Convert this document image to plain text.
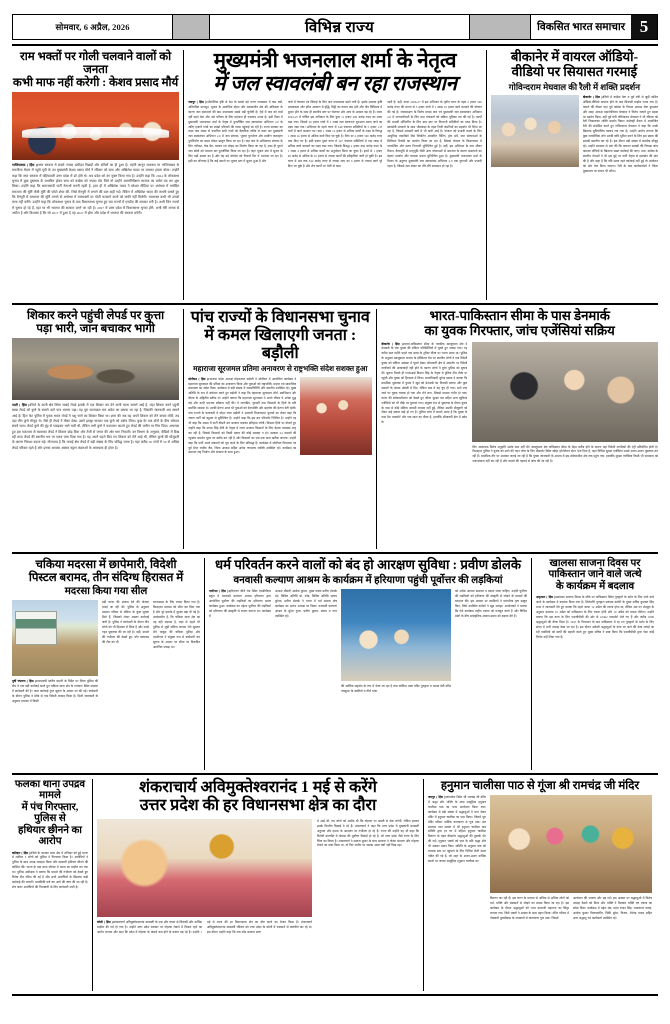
सोमवार, 6 अप्रैल, 2026	विभिन्न राज्य	विकसित भारत समाचार 5
राम भक्तों पर गोली चलवाने वालों को जनता
कभी माफ नहीं करेगी : केशव प्रसाद मौर्य
गाजियाबाद ( हिंस )।सपा सरकार में सबसे ज्यादा उत्पीड़न पिछड़ों और दलितों का ही हुआ है। महंगी कानून व्यवस्था पर गाजियाबाद के रामलीला मैदान में पहुंचे यूपी के उप मुख्यमंत्री केशव प्रसाद मौर्य ने रविवार को सपा और अखिलेश यादव पर जमकर हमला बोला। उन्होंने कहा कि सपा सरकार में पहियावली उत्तर प्रदेश में डरे होते थे। अब प्रदेश को दंग मुक्त किया गया है। उन्होंने कहा कि 2024 के लोकसभा चुनाव में कुछ दुष्प्रचार के प्रभावित होकर सपा को कांग्रेस को ज्यादा वोट मिले तो उन्होंने आत्मनिरीक्षण भाजपा का प्रयोग बंद कर शुरू किया। उन्होंने कहा कि समाजवादी पार्टी नेताओं करनी रहती है, हाल ही में अखिलेश यादव ने सोशल मीडिया पर अयोध्या में मर्यादित रामलला की मूर्ति जैसी मूर्ति की फोटो शेयर की, जिसे मैनपुरी में लगाने की बात कही गई। लेकिन में अखिलेश यादव की कथनी बताते हुए कि मैनपुरी में रामलला की मूर्ति लगाने से अयोध्या में रामभक्तों पर गोली चलवाने वालों को माफी नहीं मिलेगी। रामभक्त कभी भी उनको माफ नहीं करेंगे। उन्होंने कहा कि लोकसभा चुनाव के बाद विधानसभा चुनाव हुए चार राज्यों में एनडीए की सरकार बनी है। अभी जिन राज्यों में चुनाव हो रहे हैं, वहां पर भी भाजपा की सरकार बनने जा रही है। 2027 में उत्तर प्रदेश में विधानसभा चुनाव होंगे, अभी मेरी जनता से अपील है और विश्वास है कि जो 2017 में हुआ है वह 2027 में होगा और प्रदेश में भाजपा की सरकार बनेगी।
मुख्यमंत्री भजनलाल शर्मा के नेतृत्व
में जल स्वावलंबी बन रहा राजस्थान
जयपुर ( हिंस )।भौगोलिक दृष्टि से देश के सबसे बड़े राज्य राजस्थान में कम वर्षा, अनियमित मानसून, भूजल के अत्यधिक दोहन और मरुस्थलीय क्षेत्र की अधिकता के कारण जल संसाधनों की कम उपलब्धता सबसे बड़ी चुनौती है। ऐसे में जल को व्यर्थ नहीं बहने देना और उसे भविष्य के लिए महेजना ही एकमात्र उपाय है। इसी दिशा में मुख्यमंत्री भजनलाल शर्मा के नेतृत्व में पुनर्जीवित जल स्वावलंबन अभियान 2.0 के जरिए हजारों गांवों का लाखों परिवारों की प्यास पहुंचाई जा रही है। राज्य सरकार का लक्ष्य जल संकट से प्रभावित सभी गांवों को वैज्ञानिक तरीके से कवर कर मुख्यमंत्री जल स्वावलंबन अभियान 2.0 में जल संचयन, भूजल पुनर्भरण और ग्रामीण जलग्रहण पुनर्निर्माण का समग्र मॉडल प्रस्तुत किया जा रहा है। यहां जल के अधिकतम संचयन के लिए एनीकट, चेक डैम, तालाब एवं जोहड़ का निर्माण किया जा रहा है, साथ ही पुराने जल स्रोतों को मरम्मत कर पुनर्जीवित किया जा रहा है। जहां भूजल स्तर में सुधार के लिए बड़ी क्षमता का है और यह बड़े बोरवेल को रिचार्ज पिट में भरवाया जा रहा है। इसी का परिणाम है कि कई स्थानों पर भूजल स्तर में सुधार हुआ है और
गांवों में पेयजल एवं सिंचाई के लिए जल उपलब्धता बढ़ने लगी है। इसके अलावा कृषि उत्पादकता और हरित आवरण में वृद्धि, मिट्टी का कटाव कम होने और जैव विविधता में सुधार होने के साथ ही स्थानीय स्तर पर रोजगार और आय के अवसर बढ़ रहे हैं। बजट 2024-25 में घोषित इस अभियान के लिए कुल 11 हजार 200 करोड़ रुपए का बजट रखा गया। जिसमें 20 हजार गांवों में 5 लाख जल संरचनाएं शुरुआत बनाए जाने का लक्ष्य रखा गया। अभियान के पहले चरण में 349 पंचायत समितियों के 5 हजार 135 गांवों में कार्य करवाए गए। वहां 1 लाख 12 हजार से अधिक कार्यों के लक्ष्य के विरुद्ध 1 लाख 16 हजार से अधिक कार्य किए जा चुके हैं। जिन पर 2 हजार 500 करोड़ रुपए व्यय किए गए हैं। इसी प्रकार दूसरे चरण में 327 पंचायत समितियों में एक लाख से अधिक कार्य करवाने का लक्ष्य रखा गया। जिसके विरुद्ध 2 हजार 880 करोड़ रुपए के 1 लाख 4 हजार से अधिक कार्यों का अनुमोदन किया जा चुका है। इनमें से 1 हजार 48 करोड़ से अधिक के 45 हजार से ज्यादा कार्यों की स्वीकृतियां जारी हो चुकी हैं। इस चरण में अब तक 342 करोड़ रुपए से ज्यादा व्यय का 6 हजार से ज्यादा कार्य पूरे किए जा चुके हैं और शेष कार्यों पर तेजी से काम
जारी है। वहीं, बजट 2026-27 में इस अभियान के तृतीय चरण के तहत 2 हजार 500 करोड़ रुपए की लागत से 5 हजार गांवों में 1 लाख 10 हजार कार्य करवाने की घोषणा की गई है। जलसंरक्षण के विशेष प्रयास जल एवं मुख्यमंत्री जल स्वावलंबन अभियान 2.0 में जनभागीदारी के लिए ग्राम पंचायतों को सक्रिय भूमिका तय की गई है। कार्यों की प्रभावी मॉनिटरिंग के लिए ग्राम स्तर पर निगरानी समितियों का गठन किया है। स्वयंसेवी संगठनों के साथ भीलवाड़ा के तहत निजी कंपनियों का सहयोग भी लिया जा रहा है, जिससे सरकारी खर्च में भी कमी आई है। योजना को प्रभावी बनाने के लिए आधुनिक तकनीकों जैसे जियोटैग आधारित पिंटिंग, ड्रोन सर्वे, जल संरचनाओं के डिजिटल रिकॉर्ड का उपयोग किया जा रहा है, जिससे योजना के क्रियान्वयन में पारदर्शिता और सतत निगरानी सुनिश्चित हुई है। वहीं, इस अभियान के जल जीवन मिशन, कैचभूमि से मातृभूमि जैसी अन्य योजनाओं से समन्वय के कारण संसाधनों का बेहतर उपयोग और व्यापक प्रभाव सुनिश्चित हुआ है। मुख्यमंत्री भजनलाल शर्मा के विजन के अनुरूप मुख्यमंत्री जल स्वावलंबन अभियान 2.0 एक दूरगामी और प्रभावी पहल है, जिससे जल संकट का धीरे-धीरे समाधान हो रहा है।
बीकानेर में वायरल ऑडियो-
वीडियो पर सियासत गरमाई
गोविन्दराम मेघवाल की रैली में शक्ति प्रदर्शन
बीकानेर ( हिंस )।जिले में कांग्रेस नेता व पूर्व मंत्री से जुड़ी कथित ऑडियो-वीडियो वायरल होने के बाद सियासी माहौल गरमा गया है। मामले की तीखर यहां पूर्व कांग्रेस के विधान अध्यक्ष मेघा कुमावत और साहा अध्यक्ष महानोलिजत मेघवाल ने विरोध जताते हुए सड़क पर प्रदर्शन किया, वहीं पूर्व मंत्री गोविन्दराम मेघवाल ने भी रविवार को रैली निकालकर शक्ति प्रदर्शन किया। कलेक्ट्री मैदान में आयोजित रैली की संबोधित करते हुए गोविन्दराम मेघवाल ने कहा कि उनके खिलाफ सुनियोजित षड्यंत्र रचा गया है। उन्होंने आरोप लगाया कि कुछ राजनीतिक लोग उनकी छवि धूमिल करने के लिए इस प्रकार की सामग्री प्रसारित कर रहे हैं। इस दौरान बड़ी संख्या में समर्थक मौजूद रहे। उन्होंने प्रशासन से मांग की कि वायरल सामग्री की निष्पक्ष जांच कराकर दोषियों के खिलाफ सख्त कार्रवाई की जाए। उधर, कांग्रेस के स्थानीय नेताओं ने भी इस मुद्दे पर पार्टी नेतृत्व से हस्तक्षेप की मांग की है और कहा है कि यदि समय रहते कार्रवाई नहीं हुई तो आंदोलन को और तेज किया जाएगा। रैली के बाद कार्यकर्ताओं ने जिला मुख्यालय पर ज्ञापन भी सौंपा।
शिकार करने पहुंची लेपर्ड पर कुत्ता
पड़ा भारी, जान बचाकर भागी
पाली ( हिंस )।जिले के बाली क्षेत्र स्थित जवाई लेपर्ड इलाके में एक शिकार कर देने वाली घटना सामने आई है, जहां शिकार करने पहुंची खास लेपर्ड को कुत्ते के सामने उल्टे पांव भागना पड़ा। यह पूरा घटनाक्रम चार अप्रैल का बताया जा रहा है, जिसकी जानकारी अब सामने आई है। हिल फेट पुलिस में युवक भारत लेपर्ड ने पशु चरने का शिकार किया था। शाम की जब वह अपने शिकार को लेने वापस लौटी, तब वहां तीन कुत्ते मौजूद थे। जैसे ही लेपर्ड ने मौका देखा, उसने झपट्टा मारकर एक कुत्ते को दबोच लिया। कुछ देर तक दोनों के बीच जोरदार संघर्ष चला। लेपर्ड कुत्ते की मुंह से पकड़कर भागे चली थी, लेकिन तभी कुत्ते ने फलटकर काटते हुए लेपर्ड की जमीन पर गिरा दिया। अचानक हुए इस पलटवार से घबराकर लेपर्ड ने शिकार छोड़ दिया और तेजी से जंगल की ओर भाग निकली। वन विभाग के अनुसार, वीडियो में दिख रही मादा लेपर्ड की स्थानीय भय पर एकत्र जमा दिख गया है। यह अपने पहले किए गए शिकार को लेने आई थी, लेकिन कुत्तों की मौजूदगी के कारण निराशा बदला गई। गौरतलब है कि जवाई क्षेत्र लेपर्ड में बड़ी संख्या के लिए प्रसिद्ध जाता है। यहां करीब 50 गांवों में 50 से अधिक लेपर्ड परिवार रहते हैं और इनका आवास अक्सर चट्टान कंदराओं के आसपास ही होता है।
पांच राज्यों के विधानसभा चुनाव
में कमल खिलाएगी जनता : बड़ौली
महाराजा सूरजमल प्रतिमा अनावरण से राष्ट्रभक्ति संदेश सशक्त हुआ
सोनीपत ( हिंस )।भाजपा प्रदेश अध्यक्ष मोहनलाल बड़ौली ने सोनीपत में आयोजित कार्यक्रम में महाराजा सूरजमल की प्रतिमा का अनावरण किया और युवाओं को राष्ट्रभक्ति, माहज एवं सामाजिक समरसता का संदेश दिया। कार्यक्रम में बड़ी संख्या में जनप्रतिनिधि और स्थानीय उपस्थित रहे। मुख्य अतिथि के रूप में संबोधन करते हुए बड़ौली ने कहा कि महाराजा सूरजमल शौर्य, स्वाभिमान और वीरता के अद्वितीय प्रतीक थे। उन्होंने बताया कि महाराजा सूरजमल ने अपने जीवन में अनेक युद्ध लड़े और कभी पराजय स्वीकार नहीं की। वे न्यायप्रिय, दूरदर्शी तथा किसानों के हितों के प्रति समर्पित शासक थे। उनकी प्रेरणा आज भी युवाओं को देशभक्ति और सहयोग की प्रेरणा देती रहेगी। पांच राज्यों के चलाचली में मोहन लाल बड़ौली ने आगामी विधानसभा चुनावों का लेकर कहा कि जनता पार्टी को बहुमत से सुनिश्चित है। उन्होंने कहा कि इस बार परिवर्तन निश्चित है। उन्होंने यह भी कहा कि असम में पार्टी तीसरी बार सरकार बनाकर इतिहास रचेगी। किसान हितों पर बोलते हुए उन्होंने कहा कि नायब सिंह सैनी के नेतृत्व में राज्य सरकार किसानों के लिए बेहतर व्यवस्था लागू कर रही है, जिससे किसानों को किसी प्रकार की कोई समस्या न हो। सरकार 24 फसलों की न्यूनतम समर्थन मूल्य पर खरीद कर रही है और किसानों का एक-एक दाना खरीदा जाएगा। उन्होंने कहा कि पार्टी अपने संकल्पों को पूरा करने के लिए प्रतिबद्ध है। कार्यक्रम में सोनीपत विधायक एवं पूर्व मेयर राजीव जैन, जिला अध्यक्ष सहित अनेक गणमान्य व्यक्ति उपस्थित रहे। कार्यक्रम का समापन राष्ट्र निर्माण और संकल्प के साथ हुआ।
भारत-पाकिस्तान सीमा के पास डेनमार्क
का युवक गिरफ्तार, जांच एजेंसियां सक्रिय
बीकानेर ( हिंस )।भारत-पाकिस्तान सीमा के नजदीक खाजूवाला क्षेत्र में डेनमार्क के एक युवक की संदिग्ध परिस्थितियों में घूमते हुए पकड़ा गया। यह करीब सात महीने पहले एक खास के टूरिस्ट वीजा पर भारत आया था। पुलिस के अनुसार खाजूवाला बाजार के हॉस्पिटल रोड पर स्थानीय लोगों ने एक विदेशी युवक को संदिग्ध अवस्था में घूमते देखा। सीमावर्ती क्षेत्र में आमतौर पर विदेशी नागरिकों की आवाजाही नहीं होने के कारण लोगों ने तुरंत पुलिस को सूचना दी। सूचना मिलते ही एएसआई किशन सिंह के नेतृत्व में पुलिस टीम मौके पर पहुंची और युवक को हिरासत में लिया। थानाधिकारी सुरेन्द्र प्रसाद ने बताया कि प्राथमिक पूछताछ में युवक ने खुद को डेनमार्क का निवासी बताया और कुछ सवालों के जवाब अंग्रेजी में दिए, लेकिन बाद में वह चुप ही गया। थाने लाए जाने पर युवक चारुक हो गया और रोने लगा, जिससे मामला गंभीर हो गया। घटना की संवेदनशीलता को देखते हुए जीला सुरक्षा बल सहित अन्य खुफिया एजेंसियों को भी मौके पर बुलाया गया। संयुक्त रूप से पूछताछ के दौरान युवक के पास से कोई संदिग्ध सामग्री बरामद नहीं हुई, लेकिन उसकी मौजूदगी को लेकर कई सवाल खड़े हो गए हैं। पुलिस जांच में सामने आया है कि युवक के पास वैध पासपोर्ट और एक साल का वीजा है, हालांकि सीमावर्ती क्षेत्र में प्रवेश के
लिए आवश्यक विशेष अनुमति उसके पास नहीं थी। खाजूवाला क्षेत्र पाकिस्तान सीमा के बेहद करीब होने के कारण यहां विदेशी नागरिकों की एंट्री प्रतिबंधित होती है। फिलहाल पुलिस ने युवक को आगे की गहन जांच के लिए बीकानेर स्थित जॉइंट इंटेरोगेशन सेंटर भेज दिया है, जहां विभिन्न सुरक्षा एजेंसियां उससे अलग-अलग पूछताछ कर रही हैं। प्राथमिक तौर पर आशंका जताई जा रही है कि युवक जानकारी के अभाव में इस संवेदनशील क्षेत्र तक पहुंच गया, हालांकि सुरक्षा एजेंसियां किसी भी संभावना को नजरअंदाज नहीं कर रही हैं और मामले की गहराई से जांच की जा रही है।
चकिया मदरसा में छापेमारी, विदेशी
पिस्टल बरामद, तीन संदिग्ध हिरासत में
मदरसा किया गया सील
पूर्वी चंपारण ( हिंस )।एसएसपी स्तरीय प्रभारी के निर्देश पर जिला पुलिस की टीम ने एक बड़ी कार्रवाई करते हुए चकिया थाना क्षेत्र के गायघाट स्थित मदरसा में छापेमारी की है। जब्त कार्रवाई गुप्त सूचना के आधार पर की गई। छापेमारी के दौरान पुलिस ने मौके से एक विदेशी बरामद किया है। मिली जानकारी के अनुसार मदरसा में किसी
बड़ी घटना की अंजाम देने की योजना बनाई जा रही थी। पुलिस के अनुसार मदरसा परिसर से संदिग्ध के कुछ सूचना मिले हैं, जिसको लेकर अग्रतर कार्रवाई जारी है। पुलिस ने छापेमारी के दौरान तीन लोगों को भी हिरासत में लिया है और उनसे गहन पूछताछ की जा रही है। वहीं, मामले की गंभीरता की देखते हुए, डॉग स्क्वायड की टीम को भी
घटनास्थल के लिए रवाना किया गया है। फिलहाल मदरसा को सील कर दिया गया है और पूरे इलाके में सुरक्षा बढ़ा दी गई है। उल्लेखनीय है, कि चकिया थाना क्षेत्र का यह वही मदरसा है, जहां से पहले भी पुलिस से जुड़ी संदिग्ध सामान लेने सुन्नतन लेने याकूब की चकिया पुलिस और एसटीएफ ने संयुक्त रूप से छापेमारी कर सूचना के आधार पर सीमा पर विवादित आरोपित पकड़ा था।
धर्म परिवर्तन करने वालों को बंद हो आरक्षण सुविधा : प्रवीण डोलके
वनवासी कल्याण आश्रम के कार्यक्रम में हरियाणा पहुंची पूर्वोत्तर की लड़कियां
पानीपत ( हिंस )।हरियाणा जीरो रोड स्थित एसडीवीएम स्कूल में वनवासी कल्याण आश्रम हरियाणा द्वारा आयोजित पूर्वोत्तर की लड़कियों का हरियाणा भ्रमण कार्यक्रम हुआ। कार्यक्रम का उद्देश्य पूर्वोत्तर की लड़कियों को हरियाणा की संस्कृति से रूबरू कराना था। कार्यक्रम में
अध्यक्ष श्रीमती अशोक कुमार, मुख्य वक्ता प्रवीण डोलके रहे। विशिष्ट अतिथि प्रो. नरेंद्र, विशिष्ट अतिथि सत्यम कुरेला, प्रवीण डोलके ने भारत में धर्म समाज दोष कार्यक्रम का आरंभ अध्यक्ष पर किया। वनवासी कल्याण आश्रम के सुरेश गुप्ता, प्रवीण कुमार, संजय व नगर उपस्थित रहे।
की आर्थिक सहयोग के रूप में भेजा जा रहा है तथा सोनिया माता मंदिर गुरुद्वारा व मनसा देवी मंदिर पंचकूला के खातियों व तीर्थ यात्रा
को अनेक आयाम डालकर व बदला जाना चाहिए। उन्होंने पूर्वोत्तर की लड़कियों को हरियाणा की संस्कृति से जोड़ने के प्रयासों की सराहना की। इस अवसर पर लड़कियों ने पारंपरिक नृत्य प्रस्तुत किए, जिसे उपस्थित दर्शकों ने खूब सराहा। आयोजकों ने बताया कि ऐसे कार्यक्रम राष्ट्रीय एकता को मजबूत करते हैं और विभिन्न प्रांतों के बीच सांस्कृतिक आदान-प्रदान को बढ़ावा देते हैं।
खालसा साजना दिवस पर
पाकिस्तान जाने वाले जत्थे
के कार्यक्रम में बदलाव
अमृतसर ( हिंस )।खालसा साजना दिवस के मौके पर पाकिस्तान स्थित गुरुद्वारों के दर्शन के लिए जाने वाले जत्थे के कार्यक्रम में बदलाव किया गया है। शिरोमणि गुरुद्वारा प्रबंधक कमेटी के मुख्य सचिव कुलवंत सिंह मनन ने जानकारी देते हुए बताया कि पहले जत्था 12 अप्रैल की रवाना होना था, लेकिन अब नए शेड्यूल के अनुसार बदलाव 10 अप्रैल को पाकिस्तान के लिए रवाना होगी और 19 अप्रैल को वापस लौटेगा। उन्होंने बताया कि इस यात्रा के लिए एसजीपीसी की ओर से 10462 पासपोर्ट भेजे गए हैं और करीब 1800 श्रद्धालुओं की वीजा मिला है। 1947 के विभाजन के बाद पाकिस्तान में रह गए गुरुद्वारों के दर्शन के लिए संगत में भारी उत्साह देखा जा रहा है। इस दौरान अकेली श्रद्धालुओं के यात्रा पर जाने की मेजा लगाई जा रही पाबंदियों को खर्चों की बहाली करते हुए मुख्य सचिव ने स्पष्ट किया कि एसजीपीसी द्वारा ऐसा कोई निर्णय नहीं लिया गया है।
फलका थाना उपद्रव मामले
में पंच गिरफ्तार, पुलिस से
हथियार छीनने का आरोप
कटिहार ( हिंस )।जिले के फलका थाना क्षेत्र में शनिवार को हुई घटना में शामिल 5 लोगों को पुलिस ने गिरफ्तार किया है। आरोपियों ने पुलिस के साथ अभद्र व्यवहार किया और सरकारी हथियार छीनने की कोशिश की। घटना के बाद थाना परिसर में तनाव का माहौल बन गया था। पुलिस अधीक्षक ने बताया कि मामले की गंभीरता को देखते हुए विशेष टीम गठित की गई है और सभी आरोपियों के खिलाफ कड़ी कार्रवाई की जाएगी। प्राथमिकी दर्ज कर आगे की जांच की जा रही है। शेष फरार आरोपियों की गिरफ्तारी के लिए छापेमारी जारी है।
शंकराचार्य अविमुक्तेश्वरानंद 1 मई से करेंगे
उत्तर प्रदेश की हर विधानसभा क्षेत्र का दौरा
बरेली ( हिंस )।शंकराचार्य अविमुक्तेश्वरानंद सरस्वती के एक और बयान से सियासी और धार्मिक माहौल की गर्म हो गया है। उन्होंने उत्तर प्रदेश सरकार पर गोहत्या रोकने में विफल रहने का आरोप लगाया और कहा कि प्रदेश में गोहत्या के मामले कम होने के बजाय बढ़ रहे हैं। उन्होंने 1 मई से राज्य की हर विधानसभा क्षेत्र का दौरा करने का ऐलान किया है। शंकराचार्य अविमुक्तेश्वरानंद सरस्वती रविवार को उत्तर प्रदेश के बरेली में पत्रकारों से बातचीत कर रहे थे। इस दौरान उन्होंने कहा कि जब नरेंद्र सरकार सत्ता
में आई थी, तब लोगों को उम्मीद थी कि गोहत्या पर सख्ती से रोक लगेगी, लेकिन हालात इसके विपरीत दिखाई दे रहे हैं। शंकराचार्य ने कहा कि उत्तर प्रदेश में मुख्यमंत्री सरस्वती अनुपात और हमारा के आरक्षण पर गंभीरता हो रहे हैं। राज्य की उन्होंने यह भी कहा कि विरोधी बातचीत में गोमांस की पूर्वोत्तर पिछड़ों हो रहे हैं, जो उत्तर प्रदेश जैसे राज्य के लिए चिंता का विषय है। शंकराचार्य ने समाज सुधार के साथ सरकार ने गोवंश संरक्षण और गोहत्या रोकने का वादा किया था, तो फिर जमीन पर उसका असर क्यों नहीं दिख रहा।
हनुमान चालीसा पाठ से गूंजा श्री रामचंद्र जी मंदिर
जयपुर ( हिंस )।चांदपोल स्थित श्री रामचंद्र जी मंदिर में श्रद्धा और भक्ति के साथ सामूहिक हनुमान चालीसा पाठ का भव्य आयोजन किया गया। कार्यक्रम में बड़ी संख्या में श्रद्धालुओं ने भाग लेकर मंदिर में हनुमान चालीसा का पाठ किया। जिसमें पूरा मंदिर परिसर धार्मिक वातावरण से गूंज उठा। संत समागम तथा सत्संग में श्री हनुमान चालीसा पाठ समिति द्वारा हर घर में महिला हनुमान चालीसा वितरण के तहत बीकानेर श्रद्धालुओं की पुस्तकें भेंट की गईं। हनुमान भक्तों को पाठ के प्रति श्रद्धा और भी अवसर प्रदान किए। समिति के अनुसार पाठ को व्यापक स्तर पर पहुंचाने के लिए विभिन्न टोली मंडल गठित की गई हैं, जो शहर के अलग-अलग धार्मिक स्थलों पर जाकर सामूहिक हनुमान चालीसा का
वितरण कर रही हैं। इस चरण के माध्यम से अधिक से अधिक लोगों को धर्म, भक्ति और संस्कारों से जोड़ने का प्रयास किया जा रहा है। इस कार्यक्रम के दौरान श्रद्धालुओं को भव्य बालाजी महाराज का सिंदूर लगाया गया, जिसे भक्तों ने आस्था के साथ ग्रहण किया। मंदिर परिसर में गोस्वामी तुलसीदास के जयकारों से वातावरण गूंज उठा। जिसमें
आयोजन की भव्यता और बढ़ गई। इस अवसर पर श्रद्धालुओं में विशेष उत्साह देखने को मिला और भक्ति ने मिलकर भक्ति एवं एकता का संदेश दिया। कार्यक्रम में महेश मंच, महंत राजन सिंह, राधाकरण यादव, अशोक कुमार विजयवर्गीय, पिंकी सुरेश, विजय, शैलेन्द्र यादव सहित अन्य श्रद्धालु एवं कार्यकर्ता उपस्थित रहे।
